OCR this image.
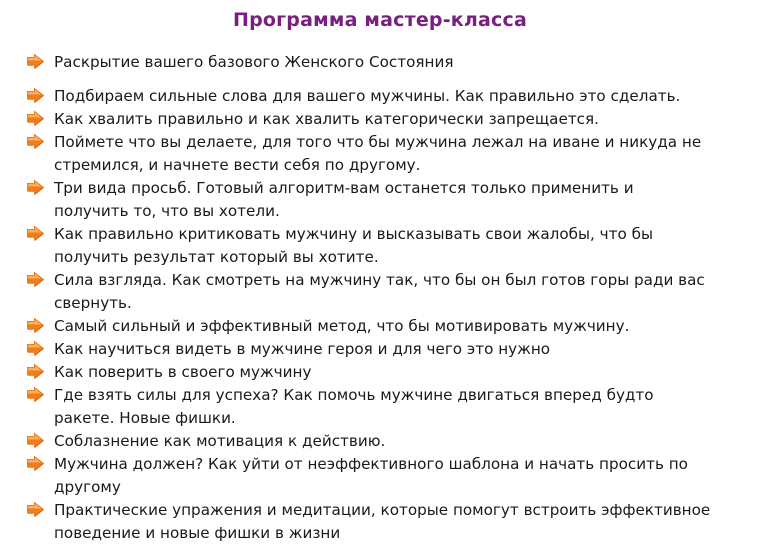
Программа мастер-класса
Раскрытие вашего базового Женского Состояния
Подбираем сильные слова для вашего мужчины. Как правильно это сделать.
Как хвалить правильно и как хвалить категорически запрещается.
Поймете что вы делаете, для того что бы мужчина лежал на иване и никуда не
стремился, и начнете вести себя по другому.
Три вида просьб. Готовый алгоритм-вам останется только применить и
получить то, что вы хотели.
Как правильно критиковать мужчину и высказывать свои жалобы, что бы
получить результат который вы хотите.
Сила взгляда. Как смотреть на мужчину так, что бы он был готов горы ради вас
свернуть.
Самый сильный и эффективный метод, что бы мотивировать мужчину.
Как научиться видеть в мужчине героя и для чего это нужно
Как поверить в своего мужчину
Где взять силы для успеха? Как помочь мужчине двигаться вперед будто
ракете. Новые фишки.
Соблазнение как мотивация к действию.
Мужчина должен? Как уйти от неэффективного шаблона и начать просить по
другому
Практические упражения и медитации, которые помогут встроить эффективное
поведение и новые фишки в жизни
